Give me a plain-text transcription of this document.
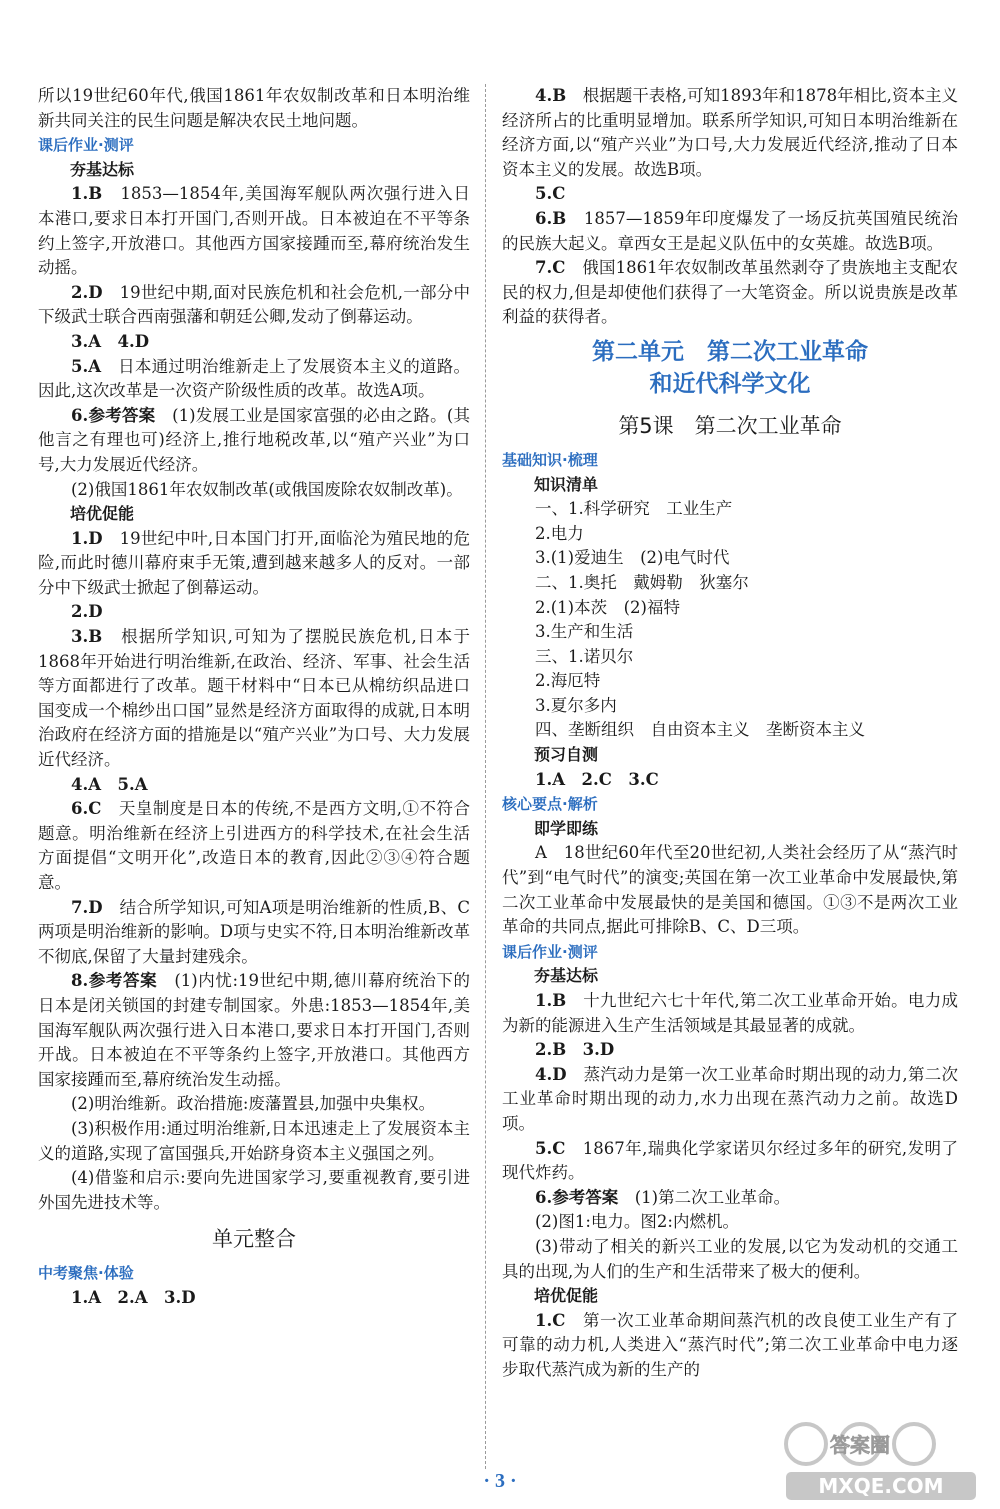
所以19世纪60年代,俄国1861年农奴制改革和日本明治维新共同关注的民生问题是解决农民土地问题。

课后作业·测评
夯基达标

1.B　 1853—1854年,美国海军舰队两次强行进入日本港口,要求日本打开国门,否则开战。日本被迫在不平等条约上签字,开放港口。其他西方国家接踵而至,幕府统治发生动摇。

2.D　 19世纪中期,面对民族危机和社会危机,一部分中下级武士联合西南强藩和朝廷公卿,发动了倒幕运动。

3.A　4.D

5.A　 日本通过明治维新走上了发展资本主义的道路。因此,这次改革是一次资产阶级性质的改革。故选A项。

6.参考答案　 (1)发展工业是国家富强的必由之路。(其他言之有理也可)经济上,推行地税改革,以“殖产兴业”为口号,大力发展近代经济。

(2)俄国1861年农奴制改革(或俄国废除农奴制改革)。

培优促能

1.D　 19世纪中叶,日本国门打开,面临沦为殖民地的危险,而此时德川幕府束手无策,遭到越来越多人的反对。一部分中下级武士掀起了倒幕运动。

2.D

3.B　 根据所学知识,可知为了摆脱民族危机,日本于1868年开始进行明治维新,在政治、经济、军事、社会生活等方面都进行了改革。题干材料中“日本已从棉纺织品进口国变成一个棉纱出口国”显然是经济方面取得的成就,日本明治政府在经济方面的措施是以“殖产兴业”为口号、大力发展近代经济。

4.A　5.A

6.C　 天皇制度是日本的传统,不是西方文明,①不符合题意。明治维新在经济上引进西方的科学技术,在社会生活方面提倡“文明开化”,改造日本的教育,因此②③④符合题意。

7.D　 结合所学知识,可知A项是明治维新的性质,B、C两项是明治维新的影响。D项与史实不符,日本明治维新改革不彻底,保留了大量封建残余。

8.参考答案　 (1)内忧:19世纪中期,德川幕府统治下的日本是闭关锁国的封建专制国家。外患:1853—1854年,美国海军舰队两次强行进入日本港口,要求日本打开国门,否则开战。日本被迫在不平等条约上签字,开放港口。其他西方国家接踵而至,幕府统治发生动摇。

(2)明治维新。政治措施:废藩置县,加强中央集权。

(3)积极作用:通过明治维新,日本迅速走上了发展资本主义的道路,实现了富国强兵,开始跻身资本主义强国之列。

(4)借鉴和启示:要向先进国家学习,要重视教育,要引进外国先进技术等。

单元整合
中考聚焦·体验

1.A　2.A　3.D

4.B　 根据题干表格,可知1893年和1878年相比,资本主义经济所占的比重明显增加。联系所学知识,可知日本明治维新在经济方面,以“殖产兴业”为口号,大力发展近代经济,推动了日本资本主义的发展。故选B项。

5.C

6.B　 1857—1859年印度爆发了一场反抗英国殖民统治的民族大起义。章西女王是起义队伍中的女英雄。故选B项。

7.C　 俄国1861年农奴制改革虽然剥夺了贵族地主支配农民的权力,但是却使他们获得了一大笔资金。所以说贵族是改革利益的获得者。

第二单元　第二次工业革命
和近代科学文化
第5课　第二次工业革命
基础知识·梳理
知识清单

一、1.科学研究　工业生产

2.电力

3.(1)爱迪生　(2)电气时代

二、1.奥托　戴姆勒　狄塞尔

2.(1)本茨　(2)福特

3.生产和生活

三、1.诺贝尔

2.海厄特

3.夏尔多内

四、垄断组织　自由资本主义　垄断资本主义

预习自测

1.A　2.C　3.C

核心要点·解析
即学即练

A　18世纪60年代至20世纪初,人类社会经历了从“蒸汽时代”到“电气时代”的演变;英国在第一次工业革命中发展最快,第二次工业革命中发展最快的是美国和德国。①③不是两次工业革命的共同点,据此可排除B、C、D三项。

课后作业·测评
夯基达标

1.B　 十九世纪六七十年代,第二次工业革命开始。电力成为新的能源进入生产生活领域是其最显著的成就。

2.B　3.D

4.D　 蒸汽动力是第一次工业革命时期出现的动力,第二次工业革命时期出现的动力,水力出现在蒸汽动力之前。故选D项。

5.C　 1867年,瑞典化学家诺贝尔经过多年的研究,发明了现代炸药。

6.参考答案　 (1)第二次工业革命。

(2)图1:电力。图2:内燃机。

(3)带动了相关的新兴工业的发展,以它为发动机的交通工具的出现,为人们的生产和生活带来了极大的便利。

培优促能

1.C　 第一次工业革命期间蒸汽机的改良使工业生产有了可靠的动力机,人类进入“蒸汽时代”;第二次工业革命中电力逐步取代蒸汽成为新的生产的

· 3 ·
答案圈
MXQE.COM
